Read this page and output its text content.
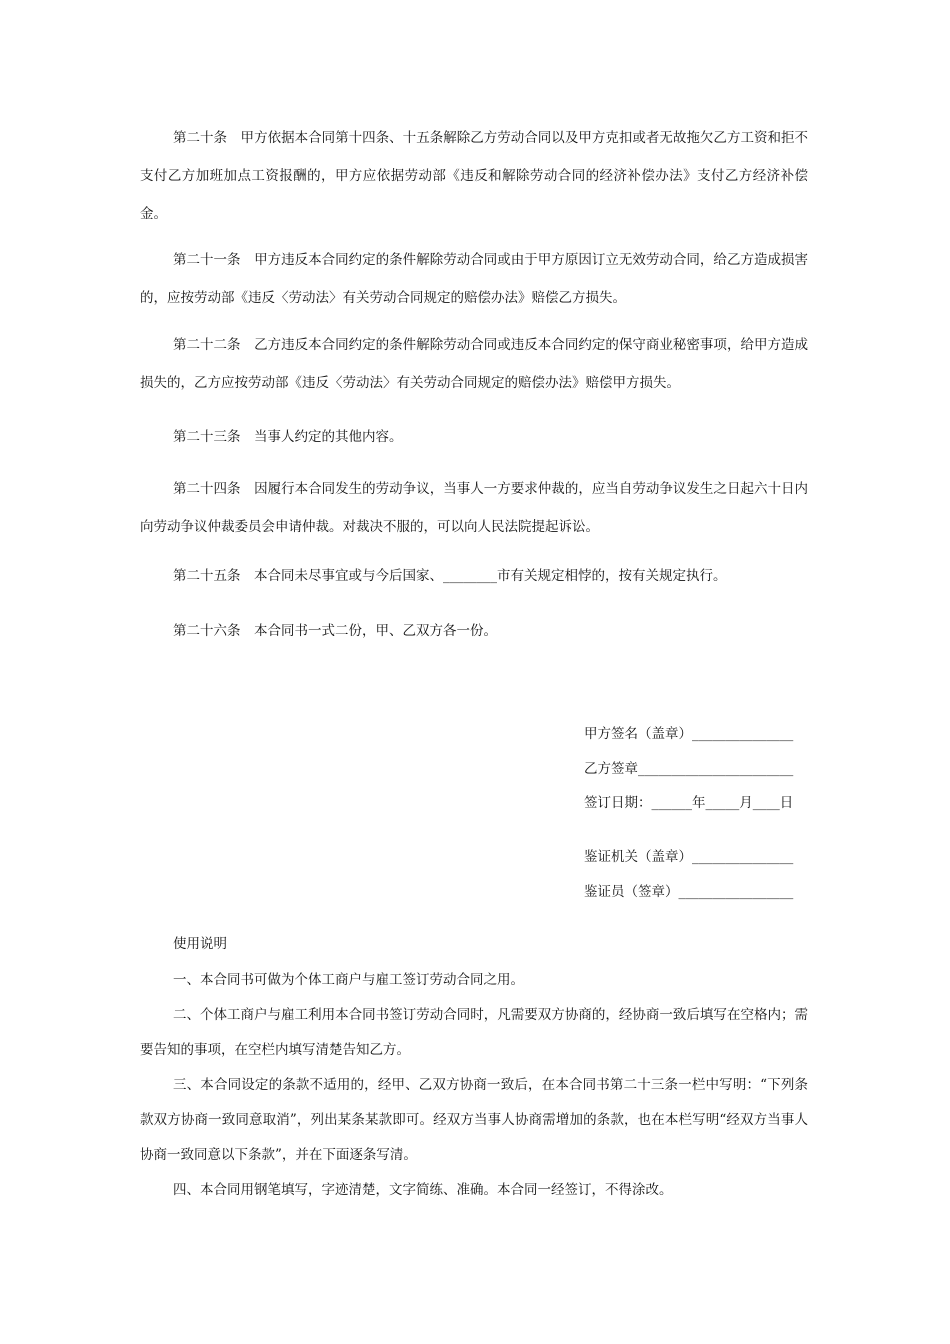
第二十条　甲方依据本合同第十四条、十五条解除乙方劳动合同以及甲方克扣或者无故拖欠乙方工资和拒不支付乙方加班加点工资报酬的，甲方应依据劳动部《违反和解除劳动合同的经济补偿办法》支付乙方经济补偿金。

第二十一条　甲方违反本合同约定的条件解除劳动合同或由于甲方原因订立无效劳动合同，给乙方造成损害的，应按劳动部《违反〈劳动法〉有关劳动合同规定的赔偿办法》赔偿乙方损失。

第二十二条　乙方违反本合同约定的条件解除劳动合同或违反本合同约定的保守商业秘密事项，给甲方造成损失的，乙方应按劳动部《违反〈劳动法〉有关劳动合同规定的赔偿办法》赔偿甲方损失。

第二十三条　当事人约定的其他内容。

第二十四条　因履行本合同发生的劳动争议，当事人一方要求仲裁的，应当自劳动争议发生之日起六十日内向劳动争议仲裁委员会申请仲裁。对裁决不服的，可以向人民法院提起诉讼。

第二十五条　本合同未尽事宜或与今后国家、________市有关规定相悖的，按有关规定执行。

第二十六条　本合同书一式二份，甲、乙双方各一份。

甲方签名（盖章）_______________

乙方签章_______________________

签订日期：______年_____月____日

鉴证机关（盖章）_______________

鉴证员（签章）_________________

使用说明

一、本合同书可做为个体工商户与雇工签订劳动合同之用。

二、个体工商户与雇工利用本合同书签订劳动合同时，凡需要双方协商的，经协商一致后填写在空格内；需要告知的事项，在空栏内填写清楚告知乙方。

三、本合同设定的条款不适用的，经甲、乙双方协商一致后，在本合同书第二十三条一栏中写明：“下列条款双方协商一致同意取消”，列出某条某款即可。经双方当事人协商需增加的条款，也在本栏写明“经双方当事人协商一致同意以下条款”，并在下面逐条写清。

四、本合同用钢笔填写，字迹清楚，文字简练、准确。本合同一经签订，不得涂改。
